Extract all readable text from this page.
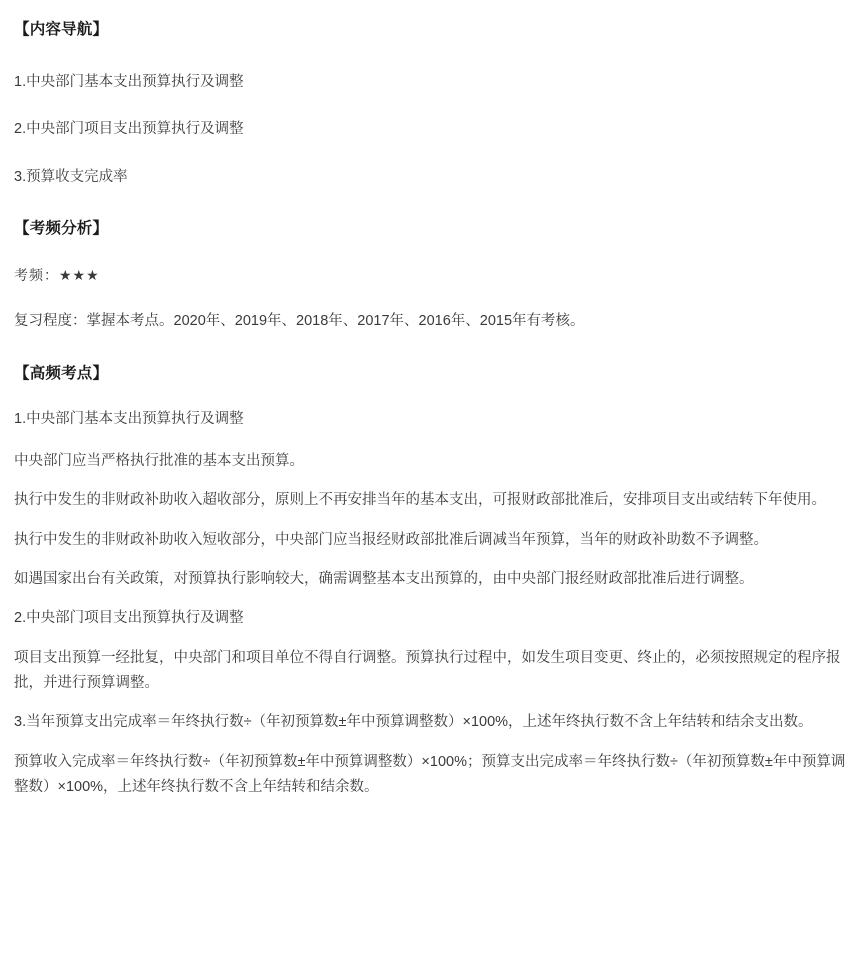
【内容导航】

1.中央部门基本支出预算执行及调整

2.中央部门项目支出预算执行及调整

3.预算收支完成率

【考频分析】

考频：★★★

复习程度：掌握本考点。2020年、2019年、2018年、2017年、2016年、2015年有考核。

【高频考点】

1.中央部门基本支出预算执行及调整

中央部门应当严格执行批准的基本支出预算。

执行中发生的非财政补助收入超收部分，原则上不再安排当年的基本支出，可报财政部批准后，安排项目支出或结转下年使用。

执行中发生的非财政补助收入短收部分，中央部门应当报经财政部批准后调减当年预算，当年的财政补助数不予调整。

如遇国家出台有关政策，对预算执行影响较大，确需调整基本支出预算的，由中央部门报经财政部批准后进行调整。

2.中央部门项目支出预算执行及调整

项目支出预算一经批复，中央部门和项目单位不得自行调整。预算执行过程中，如发生项目变更、终止的，必须按照规定的程序报批，并进行预算调整。

3.当年预算支出完成率＝年终执行数÷（年初预算数±年中预算调整数）×100%，上述年终执行数不含上年结转和结余支出数。

预算收入完成率＝年终执行数÷（年初预算数±年中预算调整数）×100%；预算支出完成率＝年终执行数÷（年初预算数±年中预算调整数）×100%，上述年终执行数不含上年结转和结余数。
